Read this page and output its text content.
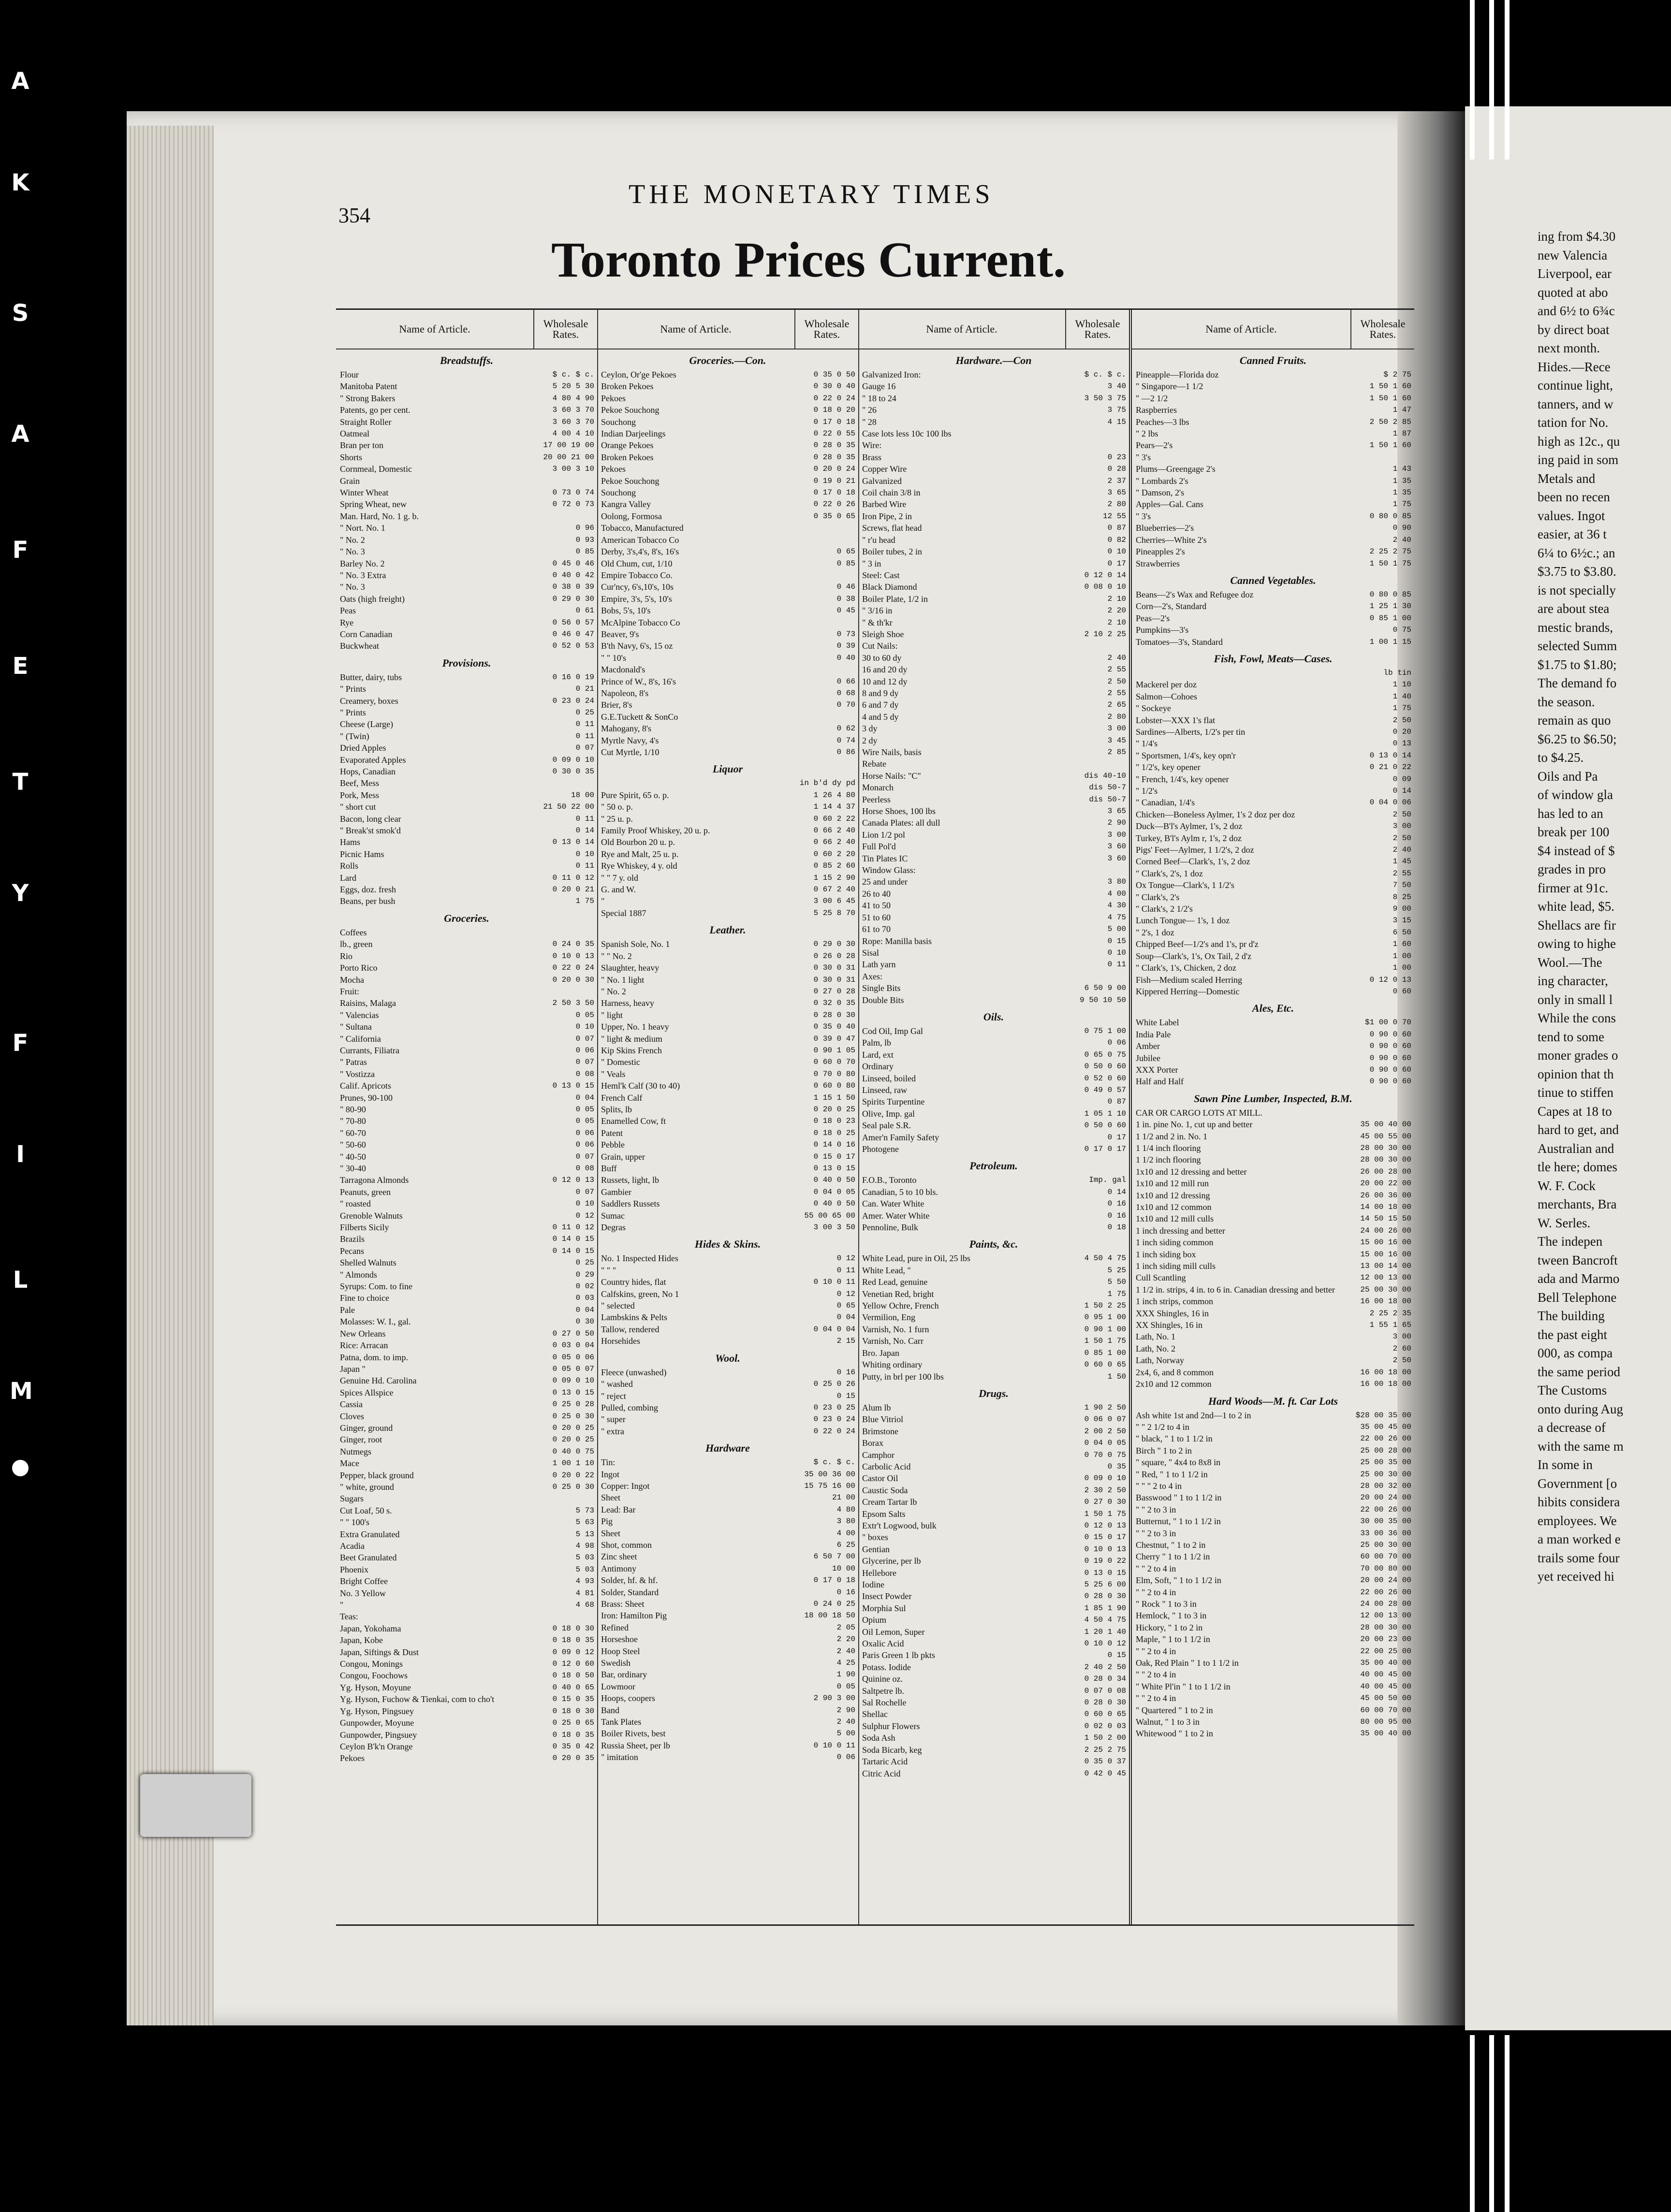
A
K
S
A
F
E
T
Y
F
I
L
M
354
THE MONETARY TIMES
Toronto Prices Current.
Name of Article.	Wholesale Rates.
Breadstuffs.
Flour	$ c. $ c.
Manitoba Patent	5 20 5 30
" Strong Bakers	4 80 4 90
Patents, go per cent.	3 60 3 70
Straight Roller	3 60 3 70
Oatmeal	4 00 4 10
Bran per ton	17 00 19 00
Shorts	20 00 21 00
Cornmeal, Domestic	3 00 3 10
Grain
Winter Wheat	0 73 0 74
Spring Wheat, new	0 72 0 73
Man. Hard, No. 1 g. b.
" Nort. No. 1	0 96
" No. 2	0 93
" No. 3	0 85
Barley No. 2	0 45 0 46
" No. 3 Extra	0 40 0 42
" No. 3	0 38 0 39
Oats (high freight)	0 29 0 30
Peas	0 61
Rye	0 56 0 57
Corn Canadian	0 46 0 47
Buckwheat	0 52 0 53
Provisions.
Butter, dairy, tubs	0 16 0 19
" Prints	0 21
Creamery, boxes	0 23 0 24
" Prints	0 25
Cheese (Large)	0 11
" (Twin)	0 11
Dried Apples	0 07
Evaporated Apples	0 09 0 10
Hops, Canadian	0 30 0 35
Beef, Mess
Pork, Mess	18 00
" short cut	21 50 22 00
Bacon, long clear	0 11
" Break'st smok'd	0 14
Hams	0 13 0 14
Picnic Hams	0 10
Rolls	0 11
Lard	0 11 0 12
Eggs, doz. fresh	0 20 0 21
Beans, per bush	1 75
Groceries.
Coffees
lb., green	0 24 0 35
Rio	0 10 0 13
Porto Rico	0 22 0 24
Mocha	0 20 0 30
Fruit:
Raisins, Malaga	2 50 3 50
" Valencias	0 05
" Sultana	0 10
" California	0 07
Currants, Filiatra	0 06
" Patras	0 07
" Vostizza	0 08
Calif. Apricots	0 13 0 15
Prunes, 90-100	0 04
" 80-90	0 05
" 70-80	0 05
" 60-70	0 06
" 50-60	0 06
" 40-50	0 07
" 30-40	0 08
Tarragona Almonds	0 12 0 13
Peanuts, green	0 07
" roasted	0 10
Grenoble Walnuts	0 12
Filberts Sicily	0 11 0 12
Brazils	0 14 0 15
Pecans	0 14 0 15
Shelled Walnuts	0 25
" Almonds	0 29
Syrups: Com. to fine	0 02
Fine to choice	0 03
Pale	0 04
Molasses: W. I., gal.	0 30
New Orleans	0 27 0 50
Rice: Arracan	0 03 0 04
Patna, dom. to imp.	0 05 0 06
Japan "	0 05 0 07
Genuine Hd. Carolina	0 09 0 10
Spices Allspice	0 13 0 15
Cassia	0 25 0 28
Cloves	0 25 0 30
Ginger, ground	0 20 0 25
Ginger, root	0 20 0 25
Nutmegs	0 40 0 75
Mace	1 00 1 10
Pepper, black ground	0 20 0 22
" white, ground	0 25 0 30
Sugars
Cut Loaf, 50 s.	5 73
" " 100's	5 63
Extra Granulated	5 13
Acadia	4 98
Beet Granulated	5 03
Phoenix	5 03
Bright Coffee	4 93
No. 3 Yellow	4 81
"	4 68
Teas:
Japan, Yokohama	0 18 0 30
Japan, Kobe	0 18 0 35
Japan, Siftings & Dust	0 09 0 12
Congou, Monings	0 12 0 60
Congou, Foochows	0 18 0 50
Yg. Hyson, Moyune	0 40 0 65
Yg. Hyson, Fuchow & Tienkai, com to cho't	0 15 0 35
Yg. Hyson, Pingsuey	0 18 0 30
Gunpowder, Moyune	0 25 0 65
Gunpowder, Pingsuey	0 18 0 35
Ceylon B'k'n Orange	0 35 0 42
Pekoes	0 20 0 35
Name of Article.	Wholesale Rates.
Groceries.—Con.
Ceylon, Or'ge Pekoes	0 35 0 50
Broken Pekoes	0 30 0 40
Pekoes	0 22 0 24
Pekoe Souchong	0 18 0 20
Souchong	0 17 0 18
Indian Darjeelings	0 22 0 55
Orange Pekoes	0 28 0 35
Broken Pekoes	0 28 0 35
Pekoes	0 20 0 24
Pekoe Souchong	0 19 0 21
Souchong	0 17 0 18
Kangra Valley	0 22 0 26
Oolong, Formosa	0 35 0 65
Tobacco, Manufactured
American Tobacco Co
Derby, 3's,4's, 8's, 16's	0 65
Old Chum, cut, 1/10	0 85
Empire Tobacco Co.
Cur'ncy, 6's,10's, 10s	0 46
Empire, 3's, 5's, 10's	0 38
Bobs, 5's, 10's	0 45
McAlpine Tobacco Co
Beaver, 9's	0 73
B'th Navy, 6's, 15 oz	0 39
" " 10's	0 40
Macdonald's
Prince of W., 8's, 16's	0 66
Napoleon, 8's	0 68
Brier, 8's	0 70
G.E.Tuckett & SonCo
Mahogany, 8's	0 62
Myrtle Navy, 4's	0 74
Cut Myrtle, 1/10	0 86
Liquor
in b'd dy pd
Pure Spirit, 65 o. p.	1 26 4 80
" 50 o. p.	1 14 4 37
" 25 u. p.	0 60 2 22
Family Proof Whiskey, 20 u. p.	0 66 2 40
Old Bourbon 20 u. p.	0 66 2 40
Rye and Malt, 25 u. p.	0 60 2 20
Rye Whiskey, 4 y. old	0 85 2 60
" " 7 y. old	1 15 2 90
G. and W.	0 67 2 40
"	3 00 6 45
Special 1887	5 25 8 70
Leather.
Spanish Sole, No. 1	0 29 0 30
" " No. 2	0 26 0 28
Slaughter, heavy	0 30 0 31
" No. 1 light	0 30 0 31
" No. 2	0 27 0 28
Harness, heavy	0 32 0 35
" light	0 28 0 30
Upper, No. 1 heavy	0 35 0 40
" light & medium	0 39 0 47
Kip Skins French	0 90 1 05
" Domestic	0 60 0 70
" Veals	0 70 0 80
Heml'k Calf (30 to 40)	0 60 0 80
French Calf	1 15 1 50
Splits, lb	0 20 0 25
Enamelled Cow, ft	0 18 0 23
Patent	0 18 0 25
Pebble	0 14 0 16
Grain, upper	0 15 0 17
Buff	0 13 0 15
Russets, light, lb	0 40 0 50
Gambier	0 04 0 05
Saddlers Russets	0 40 0 50
Sumac	55 00 65 00
Degras	3 00 3 50
Hides & Skins.
No. 1 Inspected Hides	0 12
" " "	0 11
Country hides, flat	0 10 0 11
Calfskins, green, No 1	0 12
" selected	0 65
Lambskins & Pelts	0 04
Tallow, rendered	0 04 0 04
Horsehides	2 15
Wool.
Fleece (unwashed)	0 16
" washed	0 25 0 26
" reject	0 15
Pulled, combing	0 23 0 25
" super	0 23 0 24
" extra	0 22 0 24
Hardware
Tin:	$ c. $ c.
Ingot	35 00 36 00
Copper: Ingot	15 75 16 00
Sheet	21 00
Lead: Bar	4 80
Pig	3 80
Sheet	4 00
Shot, common	6 25
Zinc sheet	6 50 7 00
Antimony	10 00
Solder, hf. & hf.	0 17 0 18
Solder, Standard	0 16
Brass: Sheet	0 24 0 25
Iron: Hamilton Pig	18 00 18 50
Refined	2 05
Horseshoe	2 20
Hoop Steel	2 40
Swedish	4 25
Bar, ordinary	1 90
Lowmoor	0 05
Hoops, coopers	2 90 3 00
Band	2 90
Tank Plates	2 40
Boiler Rivets, best	5 00
Russia Sheet, per lb	0 10 0 11
" imitation	0 06
Name of Article.	Wholesale Rates.
Hardware.—Con
Galvanized Iron:	$ c. $ c.
Gauge 16	3 40
" 18 to 24	3 50 3 75
" 26	3 75
" 28	4 15
Case lots less 10c 100 lbs
Wire:
Brass	0 23
Copper Wire	0 28
Galvanized	2 37
Coil chain 3/8 in	3 65
Barbed Wire	2 80
Iron Pipe, 2 in	12 55
Screws, flat head	0 87
" r'u head	0 82
Boiler tubes, 2 in	0 10
" 3 in	0 17
Steel: Cast	0 12 0 14
Black Diamond	0 08 0 10
Boiler Plate, 1/2 in	2 10
" 3/16 in	2 20
" & th'kr	2 10
Sleigh Shoe	2 10 2 25
Cut Nails:
30 to 60 dy	2 40
16 and 20 dy	2 55
10 and 12 dy	2 50
8 and 9 dy	2 55
6 and 7 dy	2 65
4 and 5 dy	2 80
3 dy	3 00
2 dy	3 45
Wire Nails, basis	2 85
Rebate
Horse Nails: "C"	dis 40-10
Monarch	dis 50-7
Peerless	dis 50-7
Horse Shoes, 100 lbs	3 65
Canada Plates: all dull	2 90
Lion 1/2 pol	3 00
Full Pol'd	3 60
Tin Plates IC	3 60
Window Glass:
25 and under	3 80
26 to 40	4 00
41 to 50	4 30
51 to 60	4 75
61 to 70	5 00
Rope: Manilla basis	0 15
Sisal	0 10
Lath yarn	0 11
Axes:
Single Bits	6 50 9 00
Double Bits	9 50 10 50
Oils.
Cod Oil, Imp Gal	0 75 1 00
Palm, lb	0 06
Lard, ext	0 65 0 75
Ordinary	0 50 0 60
Linseed, boiled	0 52 0 60
Linseed, raw	0 49 0 57
Spirits Turpentine	0 87
Olive, Imp. gal	1 05 1 10
Seal pale S.R.	0 50 0 60
Amer'n Family Safety	0 17
Photogene	0 17 0 17
Petroleum.
F.O.B., Toronto	Imp. gal
Canadian, 5 to 10 bls.	0 14
Can. Water White	0 16
Amer. Water White	0 16
Pennoline, Bulk	0 18
Paints, &c.
White Lead, pure in Oil, 25 lbs	4 50 4 75
White Lead, "	5 25
Red Lead, genuine	5 50
Venetian Red, bright	1 75
Yellow Ochre, French	1 50 2 25
Vermilion, Eng	0 95 1 00
Varnish, No. 1 furn	0 90 1 00
Varnish, No. Carr	1 50 1 75
Bro. Japan	0 85 1 00
Whiting ordinary	0 60 0 65
Putty, in brl per 100 lbs	1 50
Drugs.
Alum lb	1 90 2 50
Blue Vitriol	0 06 0 07
Brimstone	2 00 2 50
Borax	0 04 0 05
Camphor	0 70 0 75
Carbolic Acid	0 35
Castor Oil	0 09 0 10
Caustic Soda	2 30 2 50
Cream Tartar lb	0 27 0 30
Epsom Salts	1 50 1 75
Extr't Logwood, bulk	0 12 0 13
" boxes	0 15 0 17
Gentian	0 10 0 13
Glycerine, per lb	0 19 0 22
Hellebore	0 13 0 15
Iodine	5 25 6 00
Insect Powder	0 28 0 30
Morphia Sul	1 85 1 90
Opium	4 50 4 75
Oil Lemon, Super	1 20 1 40
Oxalic Acid	0 10 0 12
Paris Green 1 lb pkts	0 15
Potass. Iodide	2 40 2 50
Quinine oz.	0 28 0 34
Saltpetre lb.	0 07 0 08
Sal Rochelle	0 28 0 30
Shellac	0 60 0 65
Sulphur Flowers	0 02 0 03
Soda Ash	1 50 2 00
Soda Bicarb, keg	2 25 2 75
Tartaric Acid	0 35 0 37
Citric Acid	0 42 0 45
Name of Article.	Wholesale Rates.
Canned Fruits.
Pineapple—Florida doz	$ 2 75
" Singapore—1 1/2	1 50 1 60
" —2 1/2	1 50 1 60
Raspberries	1 47
Peaches—3 lbs	2 50 2 85
" 2 lbs	1 87
Pears—2's	1 50 1 60
" 3's
Plums—Greengage 2's	1 43
" Lombards 2's	1 35
" Damson, 2's	1 35
Apples—Gal. Cans	1 75
" 3's	0 80 0 85
Blueberries—2's	0 90
Cherries—White 2's	2 40
Pineapples 2's	2 25 2 75
Strawberries	1 50 1 75
Canned Vegetables.
Beans—2's Wax and Refugee doz	0 80 0 85
Corn—2's, Standard	1 25 1 30
Peas—2's	0 85 1 00
Pumpkins—3's	0 75
Tomatoes—3's, Standard	1 00 1 15
Fish, Fowl, Meats—Cases.
lb tin
Mackerel per doz	1 10
Salmon—Cohoes	1 40
" Sockeye	1 75
Lobster—XXX 1's flat	2 50
Sardines—Alberts, 1/2's per tin	0 20
" 1/4's	0 13
" Sportsmen, 1/4's, key opn'r	0 13 0 14
" 1/2's, key opener	0 21 0 22
" French, 1/4's, key opener	0 09
" 1/2's	0 14
" Canadian, 1/4's	0 04 0 06
Chicken—Boneless Aylmer, 1's 2 doz per doz	2 50
Duck—B'l's Aylmer, 1's, 2 doz	3 00
Turkey, B'l's Aylm r, 1's, 2 doz	2 50
Pigs' Feet—Aylmer, 1 1/2's, 2 doz	2 40
Corned Beef—Clark's, 1's, 2 doz	1 45
" Clark's, 2's, 1 doz	2 55
Ox Tongue—Clark's, 1 1/2's	7 50
" Clark's, 2's	8 25
" Clark's, 2 1/2's	9 00
Lunch Tongue— 1's, 1 doz	3 15
" 2's, 1 doz	6 50
Chipped Beef—1/2's and 1's, pr d'z	1 60
Soup—Clark's, 1's, Ox Tail, 2 d'z	1 00
" Clark's, 1's, Chicken, 2 doz	1 00
Fish—Medium scaled Herring	0 12 0 13
Kippered Herring—Domestic	0 60
Ales, Etc.
White Label	$1 00 0 70
India Pale	0 90 0 60
Amber	0 90 0 60
Jubilee	0 90 0 60
XXX Porter	0 90 0 60
Half and Half	0 90 0 60
Sawn Pine Lumber, Inspected, B.M.
CAR OR CARGO LOTS AT MILL.
1 in. pine No. 1, cut up and better	35 00 40 00
1 1/2 and 2 in. No. 1	45 00 55 00
1 1/4 inch flooring	28 00 30 00
1 1/2 inch flooring	28 00 30 00
1x10 and 12 dressing and better	26 00 28 00
1x10 and 12 mill run	20 00 22 00
1x10 and 12 dressing	26 00 36 00
1x10 and 12 common	14 00 18 00
1x10 and 12 mill culls	14 50 15 50
1 inch dressing and better	24 00 26 00
1 inch siding common	15 00 16 00
1 inch siding box	15 00 16 00
1 inch siding mill culls	13 00 14 00
Cull Scantling	12 00 13 00
1 1/2 in. strips, 4 in. to 6 in. Canadian dressing and better	25 00 30 00
1 inch strips, common	16 00 18 00
XXX Shingles, 16 in	2 25 2 35
XX Shingles, 16 in	1 55 1 65
Lath, No. 1	3 00
Lath, No. 2	2 60
Lath, Norway	2 50
2x4, 6, and 8 common	16 00 18 00
2x10 and 12 common	16 00 18 00
Hard Woods—M. ft. Car Lots
Ash white 1st and 2nd—1 to 2 in	$28 00 35 00
" " 2 1/2 to 4 in	35 00 45 00
" black, " 1 to 1 1/2 in	22 00 26 00
Birch " 1 to 2 in	25 00 28 00
" square, " 4x4 to 8x8 in	25 00 35 00
" Red, " 1 to 1 1/2 in	25 00 30 00
" " " 2 to 4 in	28 00 32 00
Basswood " 1 to 1 1/2 in	20 00 24 00
" " 2 to 3 in	22 00 26 00
Butternut, " 1 to 1 1/2 in	30 00 35 00
" " 2 to 3 in	33 00 36 00
Chestnut, " 1 to 2 in	25 00 30 00
Cherry " 1 to 1 1/2 in	60 00 70 00
" " 2 to 4 in	70 00 80 00
Elm, Soft, " 1 to 1 1/2 in	20 00 24 00
" " 2 to 4 in	22 00 26 00
" Rock " 1 to 3 in	24 00 28 00
Hemlock, " 1 to 3 in	12 00 13 00
Hickory, " 1 to 2 in	28 00 30 00
Maple, " 1 to 1 1/2 in	20 00 23 00
" " 2 to 4 in	22 00 25 00
Oak, Red Plain " 1 to 1 1/2 in	35 00 40 00
" " 2 to 4 in	40 00 45 00
" White Pl'in " 1 to 1 1/2 in	40 00 45 00
" " 2 to 4 in	45 00 50 00
" Quartered " 1 to 2 in	60 00 70 00
Walnut, " 1 to 3 in	80 00 95 00
Whitewood " 1 to 2 in	35 00 40 00
ing from $4.30
new Valencia
Liverpool, ear
quoted at abo
and 6½ to 6¾c
by direct boat
next month.
Hides.—Rece
continue light,
tanners, and w
tation for No.
high as 12c., qu
ing paid in som
Metals and
been no recen
values. Ingot
easier, at 36 t
6¼ to 6½c.; an
$3.75 to $3.80.
is not specially
are about stea
mestic brands,
selected Summ
$1.75 to $1.80;
The demand fo
the season.
remain as quo
$6.25 to $6.50;
to $4.25.
Oils and Pa
of window gla
has led to an
break per 100
$4 instead of $
grades in pro
firmer at 91c.
white lead, $5.
Shellacs are fir
owing to highe
Wool.—The
ing character,
only in small l
While the cons
tend to some
moner grades o
opinion that th
tinue to stiffen
Capes at 18 to
hard to get, and
Australian and
tle here; domes
W. F. Cock
merchants, Bra
W. Serles.
The indepen
tween Bancroft
ada and Marmo
Bell Telephone
The building
the past eight
000, as compa
the same period
The Customs
onto during Aug
a decrease of
with the same m
In some in
Government [o
hibits considera
employees. We
a man worked e
trails some four
yet received hi
